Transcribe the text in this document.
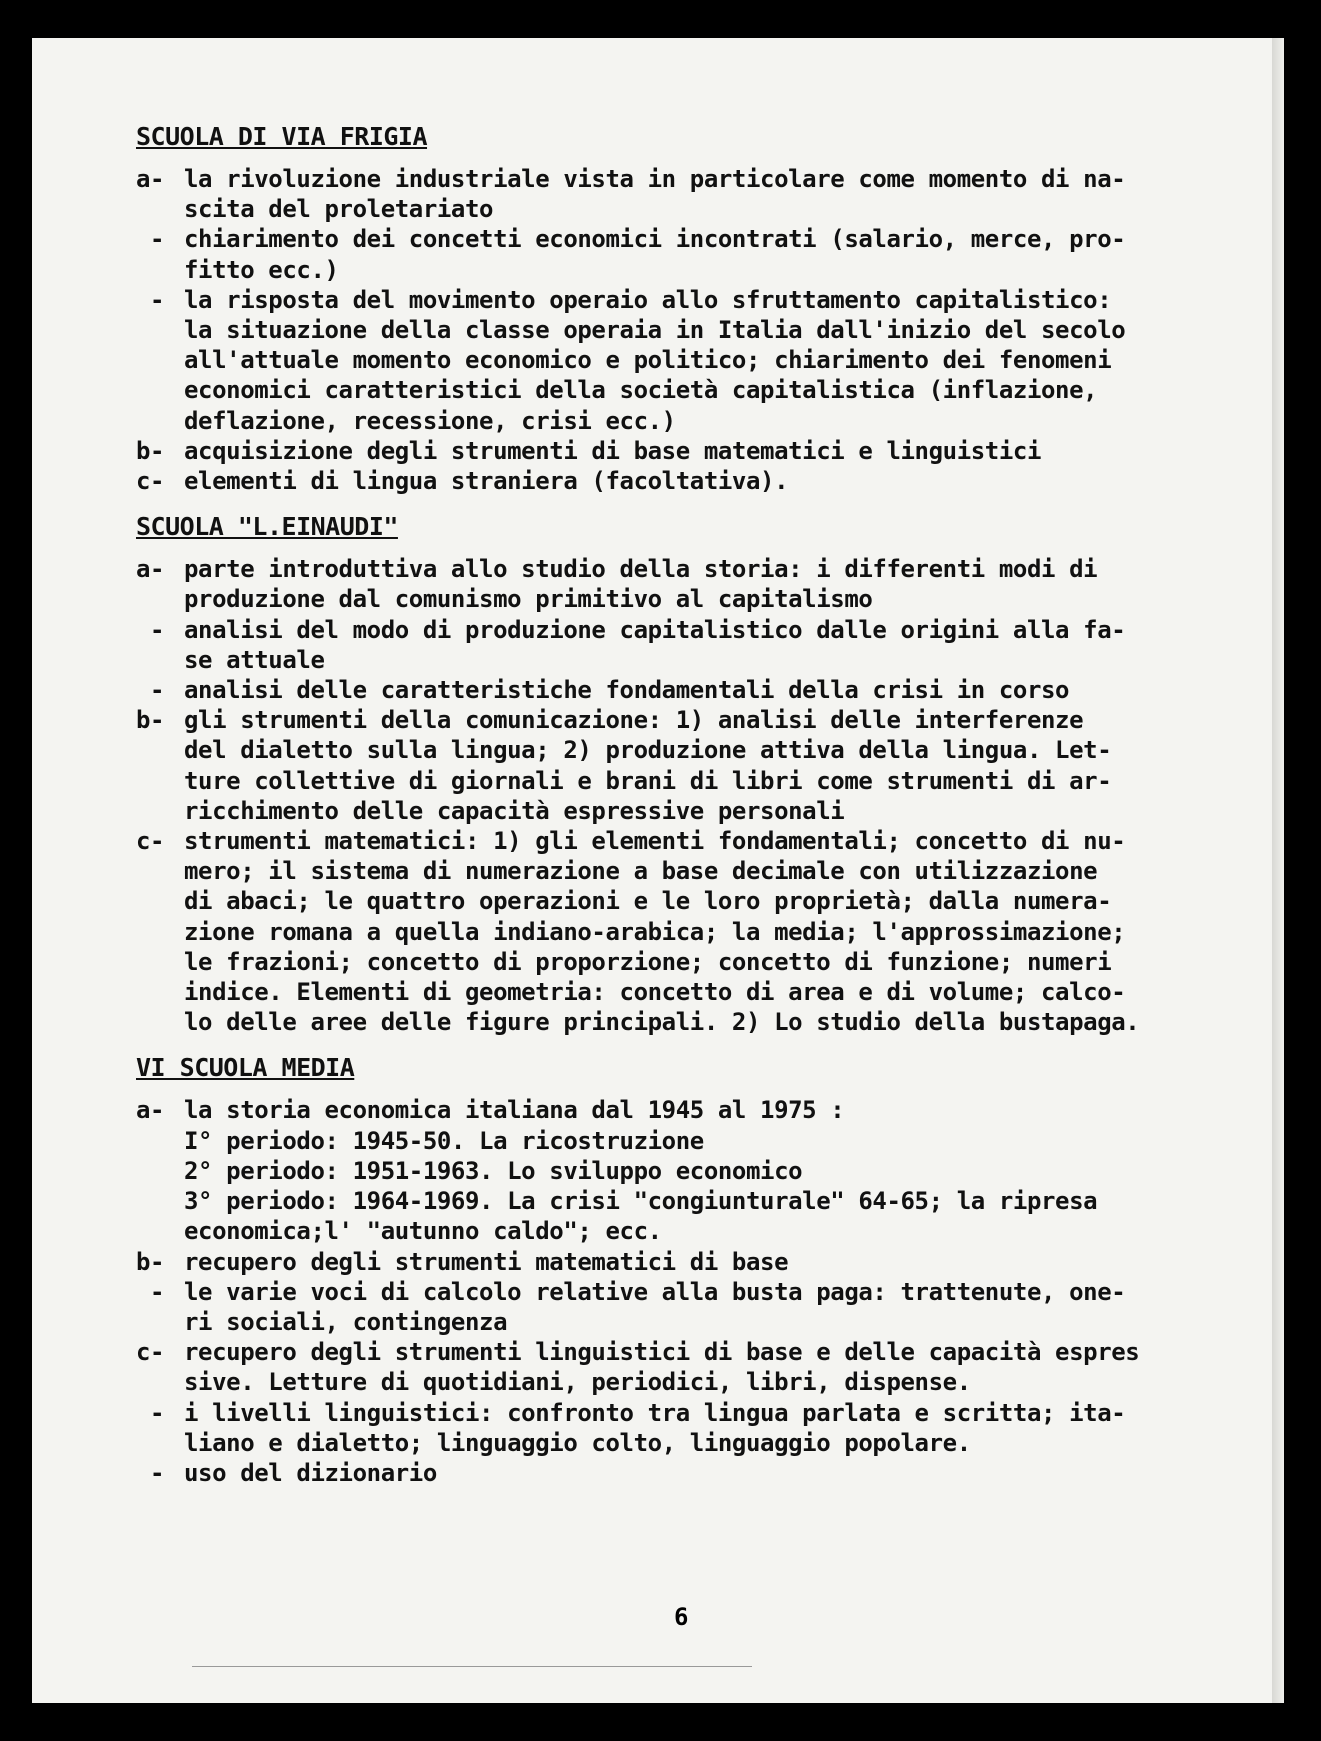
SCUOLA DI VIA FRIGIA
a- la rivoluzione industriale vista in particolare come momento di na-
scita del proletariato
- chiarimento dei concetti economici incontrati (salario, merce, pro-
fitto ecc.)
- la risposta del movimento operaio allo sfruttamento capitalistico:
la situazione della classe operaia in Italia dall'inizio del secolo
all'attuale momento economico e politico; chiarimento dei fenomeni
economici caratteristici della società capitalistica (inflazione,
deflazione, recessione, crisi ecc.)
b- acquisizione degli strumenti di base matematici e linguistici
c- elementi di lingua straniera (facoltativa).
SCUOLA "L.EINAUDI"
a- parte introduttiva allo studio della storia: i differenti modi di
produzione dal comunismo primitivo al capitalismo
- analisi del modo di produzione capitalistico dalle origini alla fa-
se attuale
- analisi delle caratteristiche fondamentali della crisi in corso
b- gli strumenti della comunicazione: 1) analisi delle interferenze
del dialetto sulla lingua; 2) produzione attiva della lingua. Let-
ture collettive di giornali e brani di libri come strumenti di ar-
ricchimento delle capacità espressive personali
c- strumenti matematici: 1) gli elementi fondamentali; concetto di nu-
mero; il sistema di numerazione a base decimale con utilizzazione
di abaci; le quattro operazioni e le loro proprietà; dalla numera-
zione romana a quella indiano-arabica; la media; l'approssimazione;
le frazioni; concetto di proporzione; concetto di funzione; numeri
indice. Elementi di geometria: concetto di area e di volume; calco-
lo delle aree delle figure principali. 2) Lo studio della bustapaga.
VI SCUOLA MEDIA
a- la storia economica italiana dal 1945 al 1975 :
I° periodo: 1945-50. La ricostruzione
2° periodo: 1951-1963. Lo sviluppo economico
3° periodo: 1964-1969. La crisi "congiunturale" 64-65; la ripresa
economica;l' "autunno caldo"; ecc.
b- recupero degli strumenti matematici di base
- le varie voci di calcolo relative alla busta paga: trattenute, one-
ri sociali, contingenza
c- recupero degli strumenti linguistici di base e delle capacità espres
sive. Letture di quotidiani, periodici, libri, dispense.
- i livelli linguistici: confronto tra lingua parlata e scritta; ita-
liano e dialetto; linguaggio colto, linguaggio popolare.
- uso del dizionario
6
